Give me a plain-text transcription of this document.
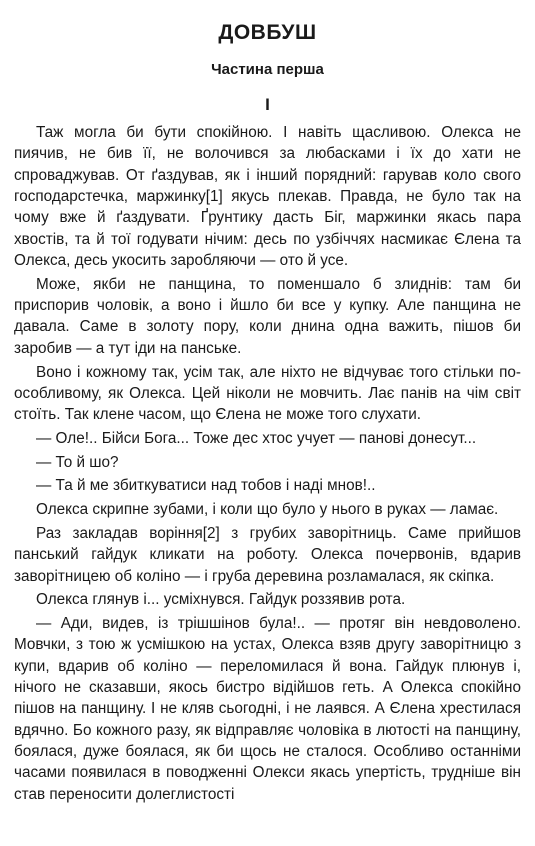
ДОВБУШ
Частина перша
I

Таж могла би бути спокійною. І навіть щасливою. Олекса не пиячив, не бив її, не волочився за любасками і їх до хати не спроваджував. От ґаздував, як і інший порядний: гарував коло свого господарстечка, маржинку[1] якусь плекав. Правда, не було так на чому вже й ґаздувати. Ґрунтику дасть Біг, маржинки якась пара хвостів, та й тої годувати нічим: десь по узбіччях насмикає Єлена та Олекса, десь укосить заробляючи — ото й усе.

Може, якби не панщина, то поменшало б злиднів: там би приспорив чоловік, а воно і йшло би все у купку. Але панщина не давала. Саме в золоту пору, коли днина одна важить, пішов би заробив — а тут іди на панське.

Воно і кожному так, усім так, але ніхто не відчуває того стільки по-особливому, як Олекса. Цей ніколи не мовчить. Лає панів на чім світ стоїть. Так клене часом, що Єлена не може того слухати.

— Оле!.. Бійси Бога... Тоже дес хтос учует — панові донесут...

— То й шо?

— Та й ме збиткуватиси над тобов і наді мнов!..

Олекса скрипне зубами, і коли що було у нього в руках — ламає.

Раз закладав воріння[2] з грубих заворітниць. Саме прийшов панський гайдук кликати на роботу. Олекса почервонів, вдарив заворітницею об коліно — і груба деревина розламалася, як скіпка.

Олекса глянув і... усміхнувся. Гайдук роззявив рота.

— Ади, видев, із трішшінов була!.. — протяг він невдоволено. Мовчки, з тою ж усмішкою на устах, Олекса взяв другу заворітницю з купи, вдарив об коліно — переломилася й вона. Гайдук плюнув і, нічого не сказавши, якось бистро відійшов геть. А Олекса спокійно пішов на панщину. І не кляв сьогодні, і не лаявся. А Єлена хрестилася вдячно. Бо кожного разу, як відправляє чоловіка в лютості на панщину, боялася, дуже боялася, як би щось не сталося. Особливо останніми часами появилася в поводженні Олекси якась упертість, трудніше він став переносити долеглистості
